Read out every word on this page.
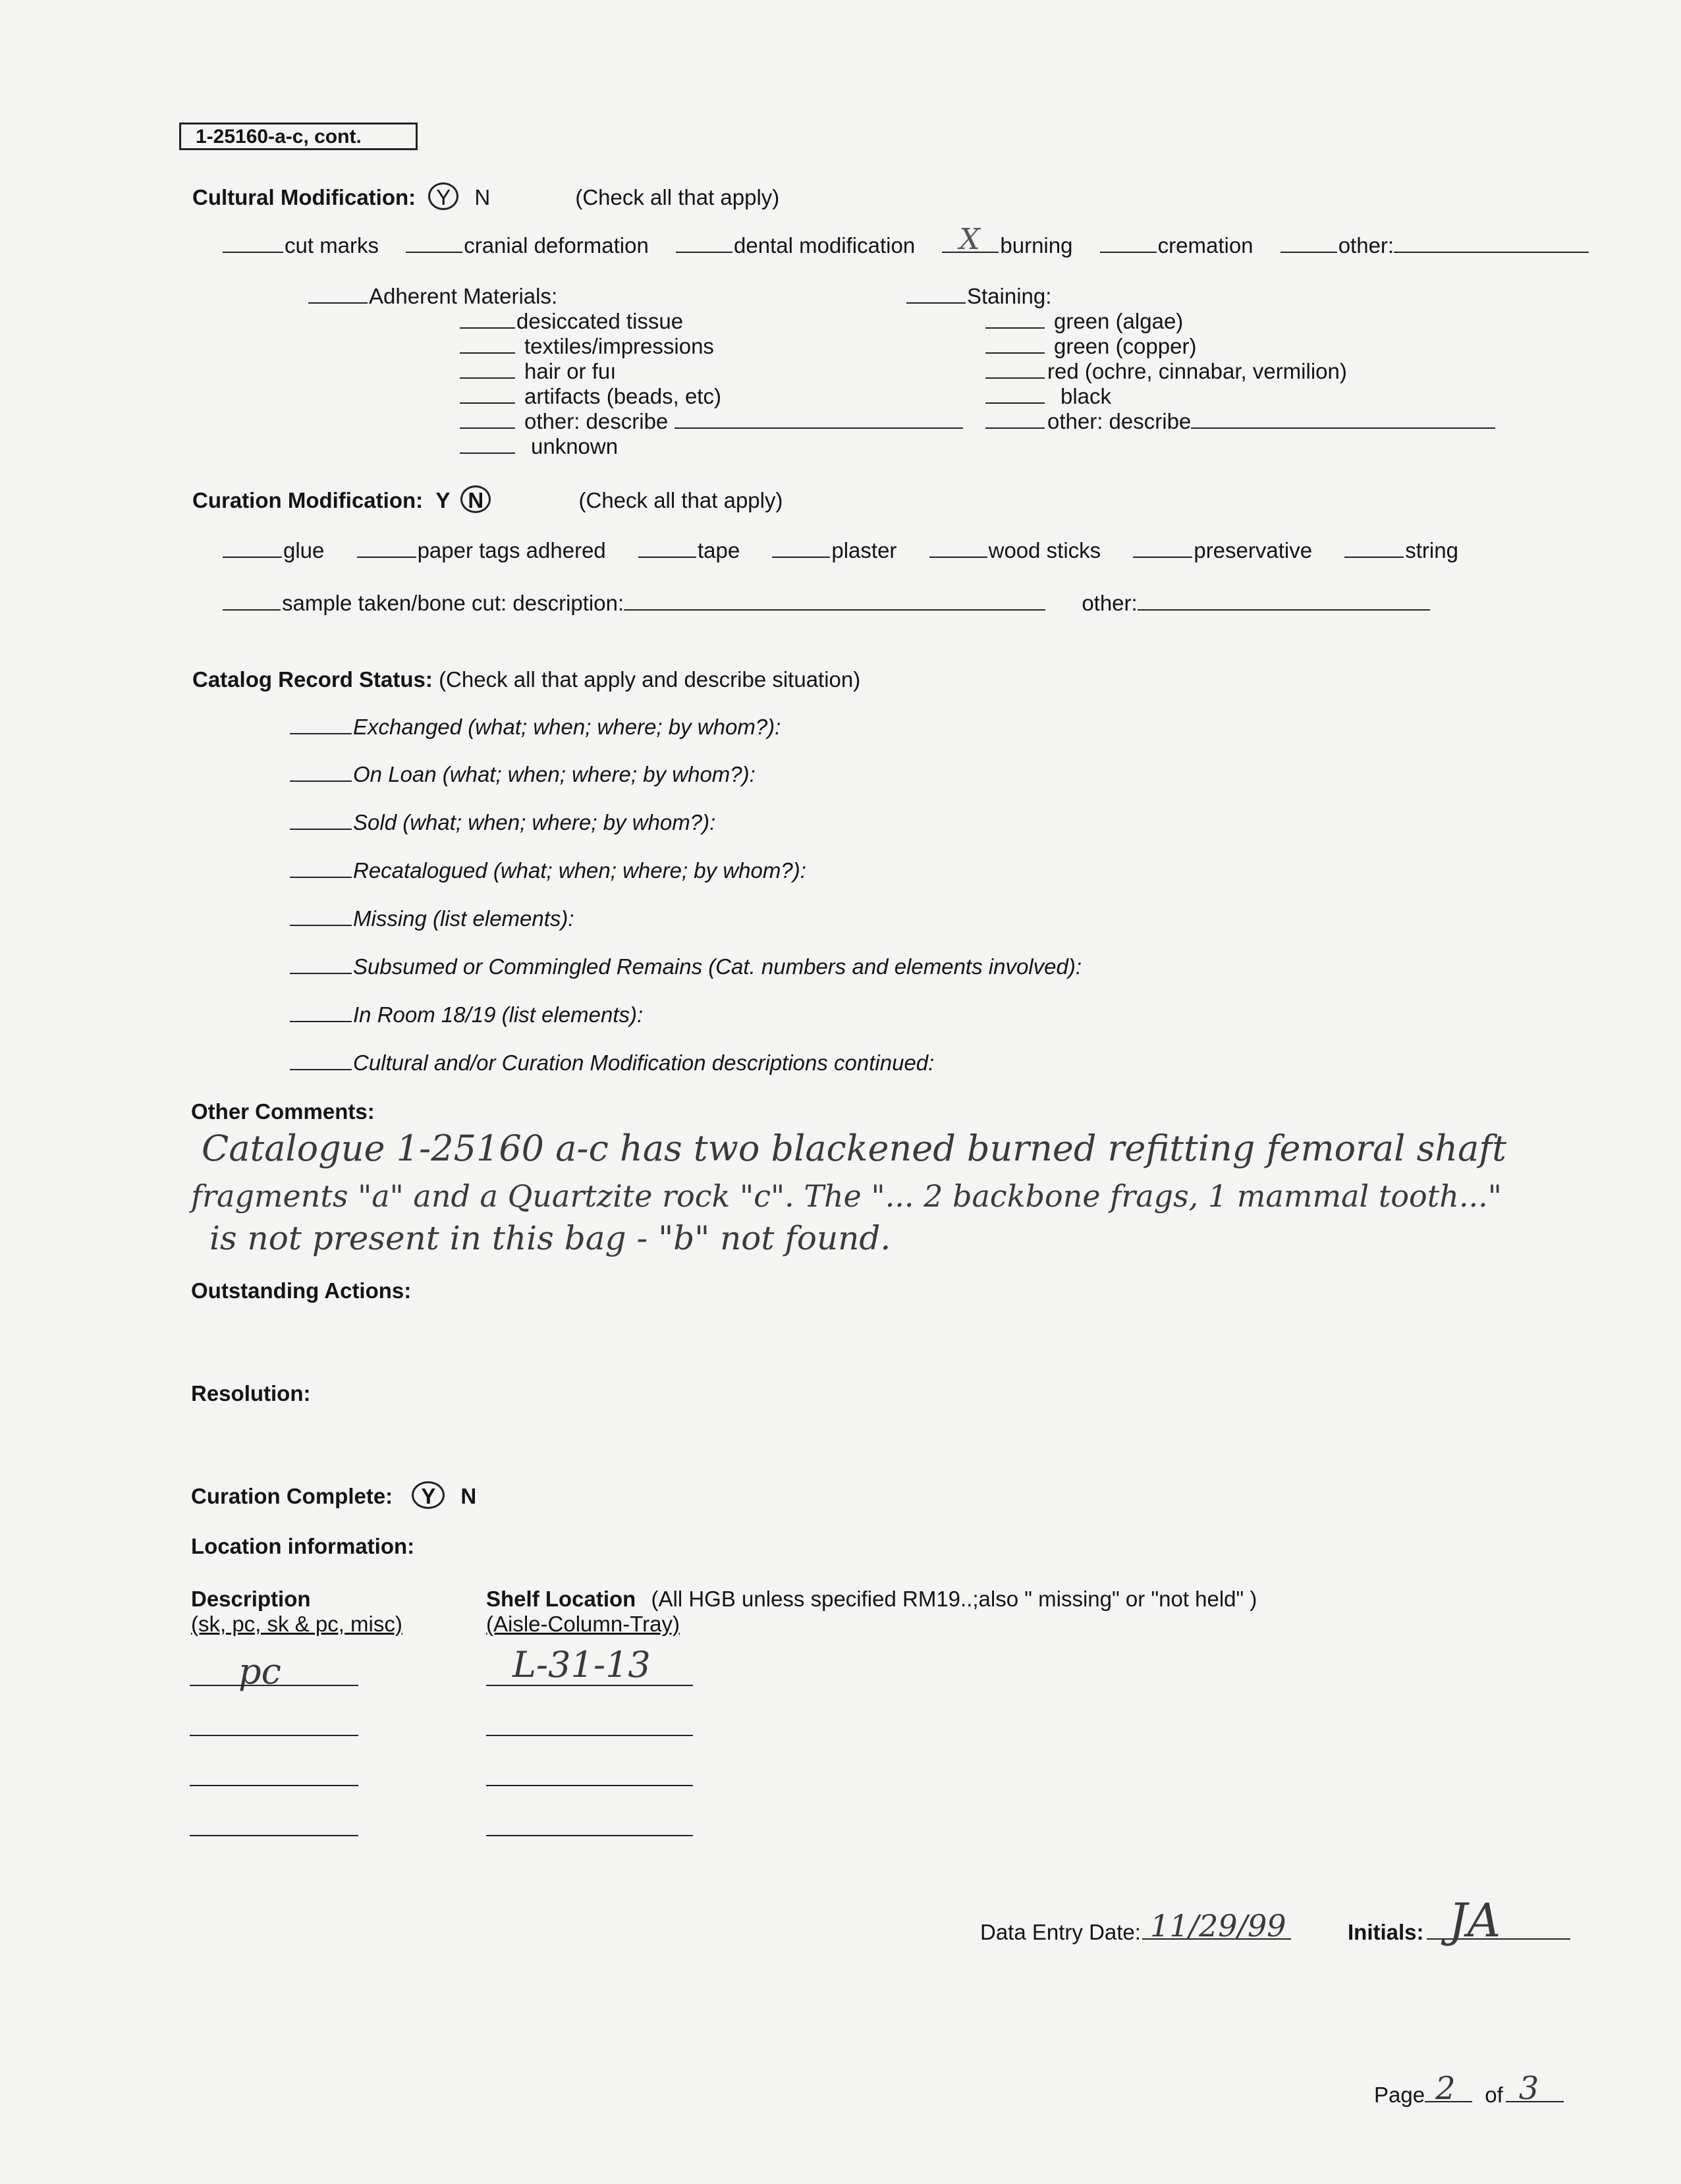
1-25160-a-c, cont.
Cultural Modification: Y N	(Check all that apply)
cut marks	cranial deformation	dental modification X burning	cremation	other:
Adherent Materials:
desiccated tissue
textiles/impressions
hair or fuı
artifacts (beads, etc)
other: describe
unknown
Staining:
green (algae)
green (copper)
red (ochre, cinnabar, vermilion)
black
other: describe
Curation Modification: Y N	(Check all that apply)
glue	paper tags adhered	tape	plaster	wood sticks	preservative	string
sample taken/bone cut: description:	other:
Catalog Record Status: (Check all that apply and describe situation)
Exchanged (what; when; where; by whom?):
On Loan (what; when; where; by whom?):
Sold (what; when; where; by whom?):
Recatalogued (what; when; where; by whom?):
Missing (list elements):
Subsumed or Commingled Remains (Cat. numbers and elements involved):
In Room 18/19 (list elements):
Cultural and/or Curation Modification descriptions continued:
Other Comments:
Catalogue 1-25160 a-c has two blackened burned refitting femoral shaft
fragments "a" and a Quartzite rock "c". The "... 2 backbone frags, 1 mammal tooth..."
is not present in this bag - "b" not found.
Outstanding Actions:
Resolution:
Curation Complete: Y N
Location information:
Description
(sk, pc, sk & pc, misc)
Shelf Location (All HGB unless specified RM19..;also " missing" or "not held" )
(Aisle-Column-Tray)
pc	L-31-13
Data Entry Date: 11/29/99	Initials: JA
Page 2 of 3
